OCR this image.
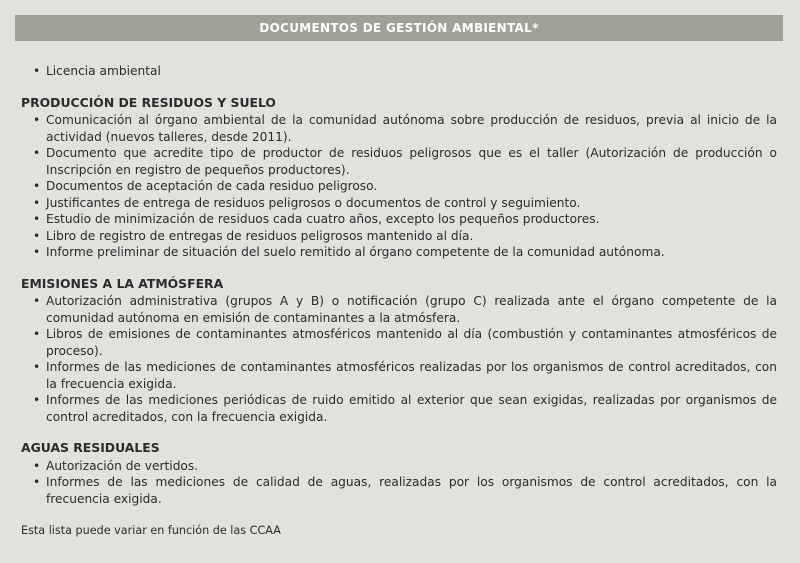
DOCUMENTOS DE GESTIÓN AMBIENTAL*
• Licencia ambiental
PRODUCCIÓN DE RESIDUOS Y SUELO
• Comunicación al órgano ambiental de la comunidad autónoma sobre producción de residuos, previa al inicio de la actividad (nuevos talleres, desde 2011).
• Documento que acredite tipo de productor de residuos peligrosos que es el taller (Autorización de producción o Inscripción en registro de pequeños productores).
• Documentos de aceptación de cada residuo peligroso.
• Justificantes de entrega de residuos peligrosos o documentos de control y seguimiento.
• Estudio de minimización de residuos cada cuatro años, excepto los pequeños productores.
• Libro de registro de entregas de residuos peligrosos mantenido al día.
• Informe preliminar de situación del suelo remitido al órgano competente de la comunidad autónoma.
EMISIONES A LA ATMÓSFERA
• Autorización administrativa (grupos A y B) o notificación (grupo C) realizada ante el órgano competente de la comunidad autónoma en emisión de contaminantes a la atmósfera.
• Libros de emisiones de contaminantes atmosféricos mantenido al día (combustión y contaminantes atmosféricos de proceso).
• Informes de las mediciones de contaminantes atmosféricos realizadas por los organismos de control acreditados, con la frecuencia exigida.
• Informes de las mediciones periódicas de ruido emitido al exterior que sean exigidas, realizadas por organismos de control acreditados, con la frecuencia exigida.
AGUAS RESIDUALES
• Autorización de vertidos.
• Informes de las mediciones de calidad de aguas, realizadas por los organismos de control acreditados, con la frecuencia exigida.
Esta lista puede variar en función de las CCAA
